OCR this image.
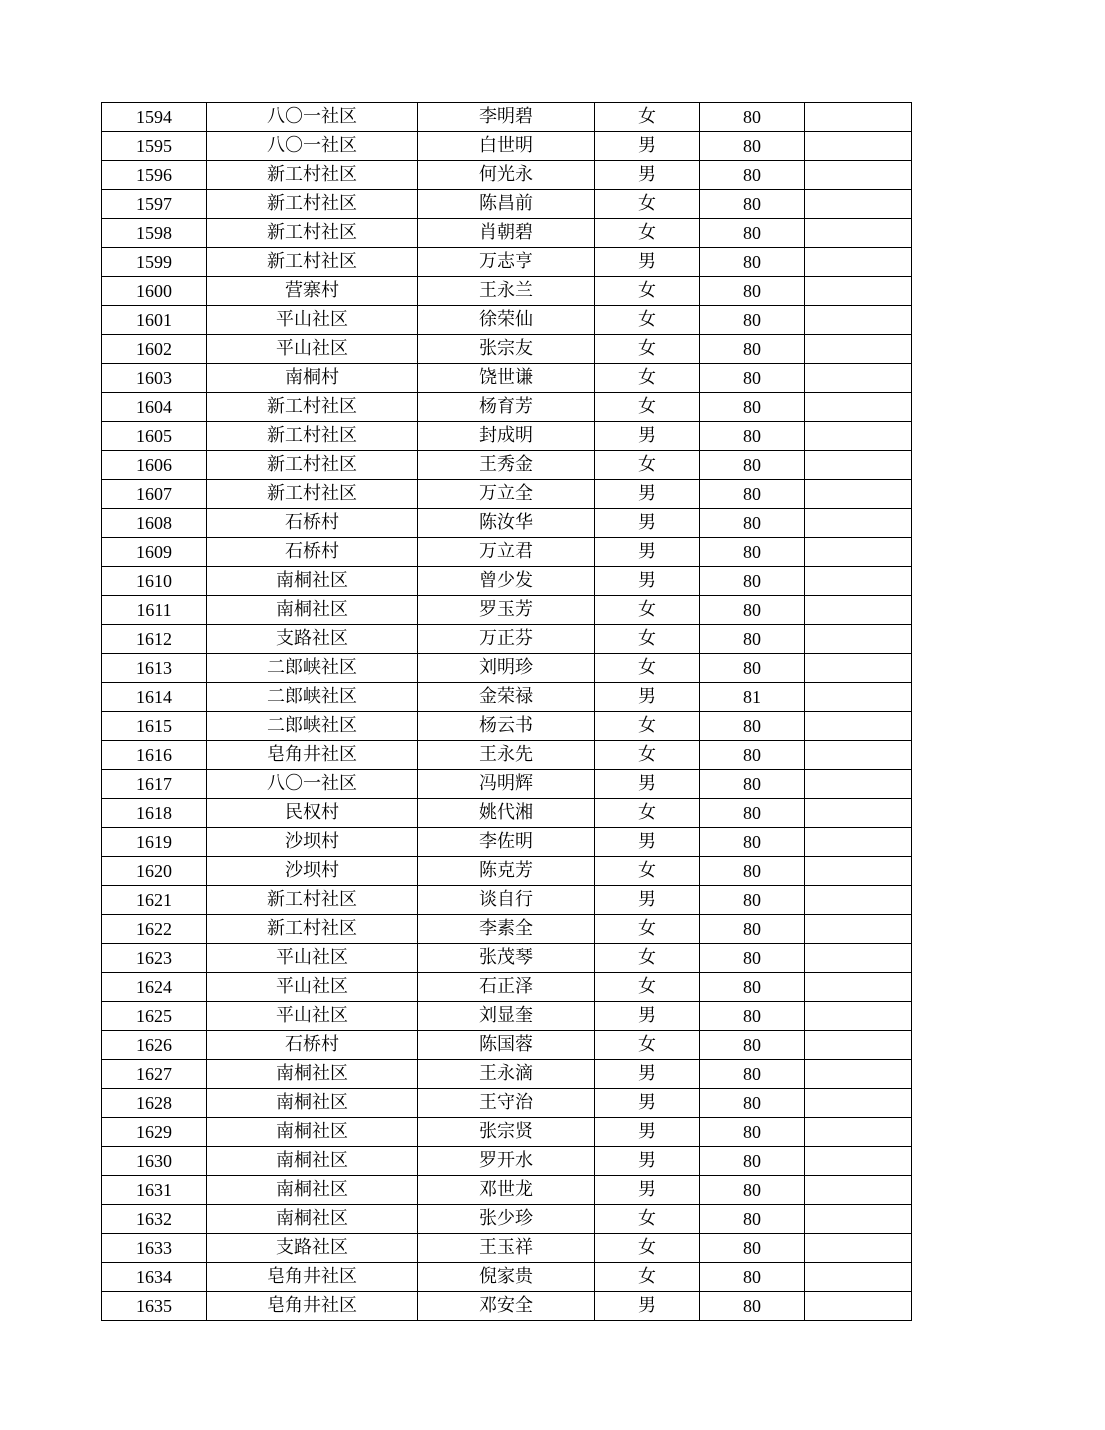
1594	八〇一社区	李明碧	女	80	
1595	八〇一社区	白世明	男	80	
1596	新工村社区	何光永	男	80	
1597	新工村社区	陈昌前	女	80	
1598	新工村社区	肖朝碧	女	80	
1599	新工村社区	万志亨	男	80	
1600	营寨村	王永兰	女	80	
1601	平山社区	徐荣仙	女	80	
1602	平山社区	张宗友	女	80	
1603	南桐村	饶世谦	女	80	
1604	新工村社区	杨育芳	女	80	
1605	新工村社区	封成明	男	80	
1606	新工村社区	王秀金	女	80	
1607	新工村社区	万立全	男	80	
1608	石桥村	陈汝华	男	80	
1609	石桥村	万立君	男	80	
1610	南桐社区	曾少发	男	80	
1611	南桐社区	罗玉芳	女	80	
1612	支路社区	万正芬	女	80	
1613	二郎峡社区	刘明珍	女	80	
1614	二郎峡社区	金荣禄	男	81	
1615	二郎峡社区	杨云书	女	80	
1616	皂角井社区	王永先	女	80	
1617	八〇一社区	冯明辉	男	80	
1618	民权村	姚代湘	女	80	
1619	沙坝村	李佐明	男	80	
1620	沙坝村	陈克芳	女	80	
1621	新工村社区	谈自行	男	80	
1622	新工村社区	李素全	女	80	
1623	平山社区	张茂琴	女	80	
1624	平山社区	石正泽	女	80	
1625	平山社区	刘显奎	男	80	
1626	石桥村	陈国蓉	女	80	
1627	南桐社区	王永滴	男	80	
1628	南桐社区	王守治	男	80	
1629	南桐社区	张宗贤	男	80	
1630	南桐社区	罗开水	男	80	
1631	南桐社区	邓世龙	男	80	
1632	南桐社区	张少珍	女	80	
1633	支路社区	王玉祥	女	80	
1634	皂角井社区	倪家贵	女	80	
1635	皂角井社区	邓安全	男	80	
